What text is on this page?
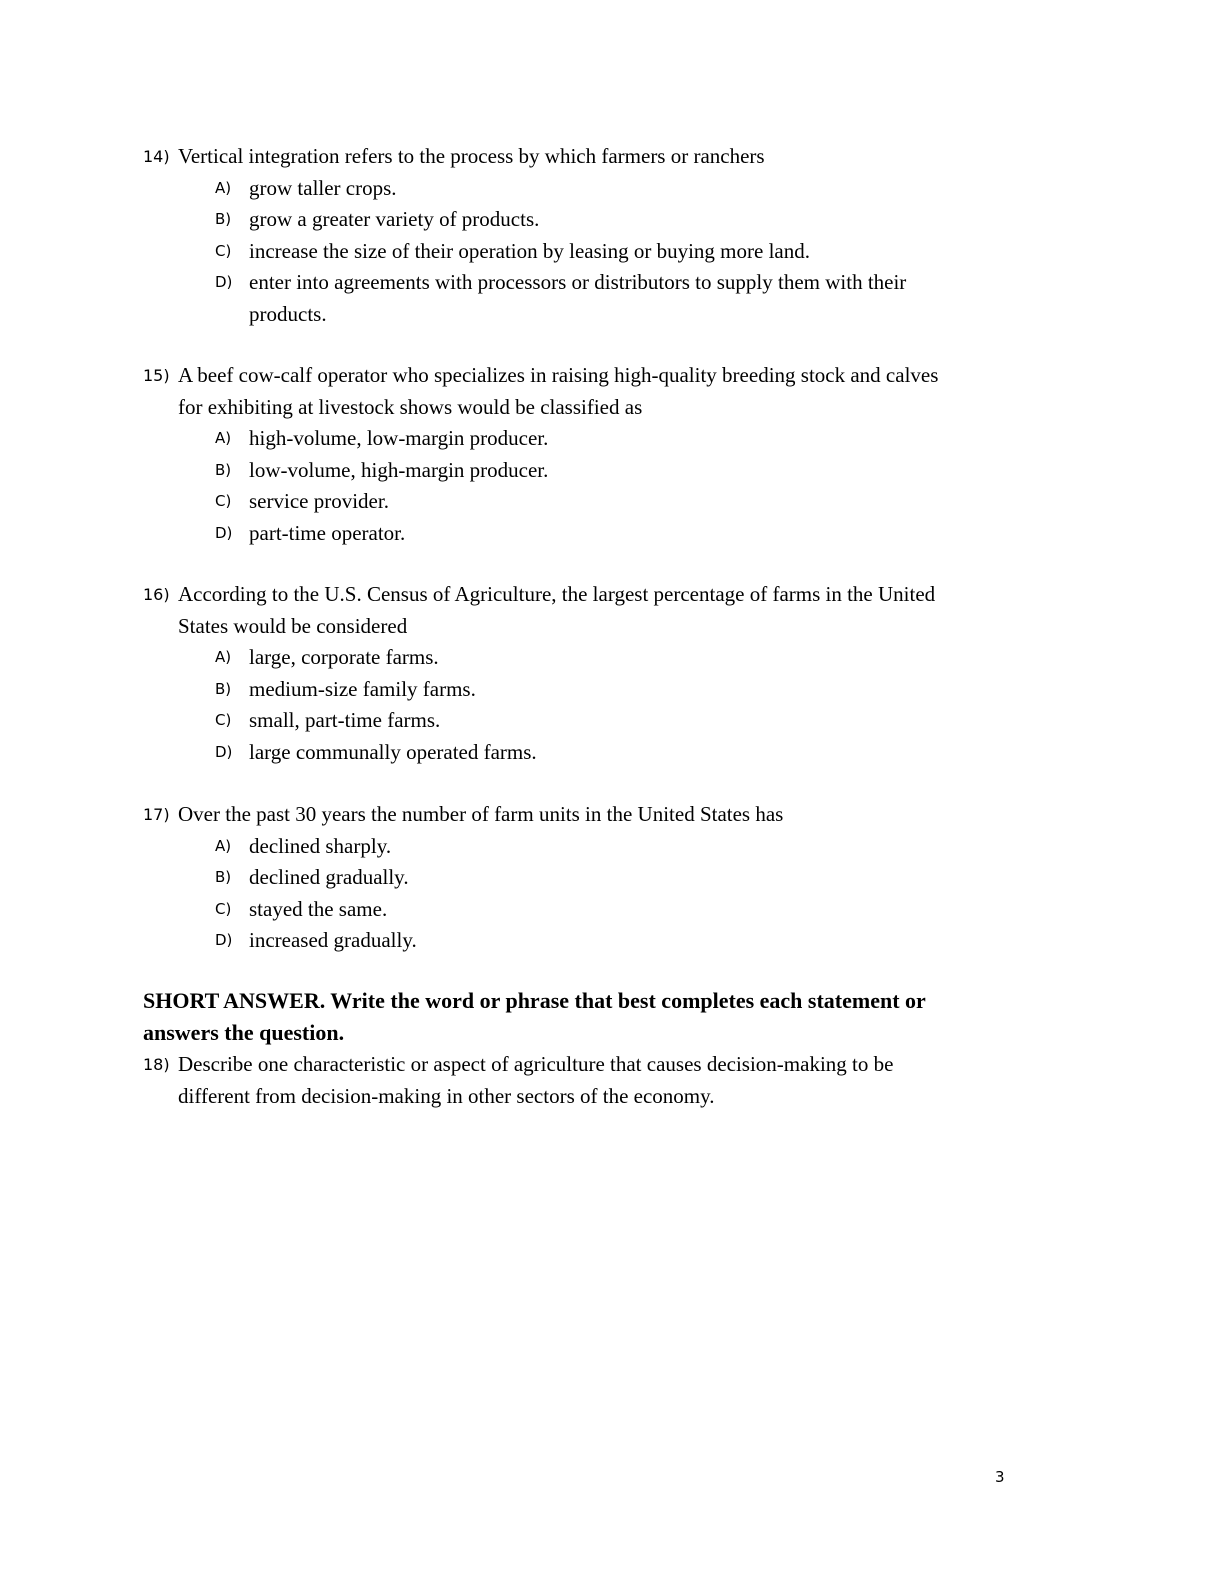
14) Vertical integration refers to the process by which farmers or ranchers
A) grow taller crops.
B) grow a greater variety of products.
C) increase the size of their operation by leasing or buying more land.
D) enter into agreements with processors or distributors to supply them with their
products.
15) A beef cow-calf operator who specializes in raising high-quality breeding stock and calves
for exhibiting at livestock shows would be classified as
A) high-volume, low-margin producer.
B) low-volume, high-margin producer.
C) service provider.
D) part-time operator.
16) According to the U.S. Census of Agriculture, the largest percentage of farms in the United
States would be considered
A) large, corporate farms.
B) medium-size family farms.
C) small, part-time farms.
D) large communally operated farms.
17) Over the past 30 years the number of farm units in the United States has
A) declined sharply.
B) declined gradually.
C) stayed the same.
D) increased gradually.
SHORT ANSWER. Write the word or phrase that best completes each statement or
answers the question.
18) Describe one characteristic or aspect of agriculture that causes decision-making to be
different from decision-making in other sectors of the economy.
3
